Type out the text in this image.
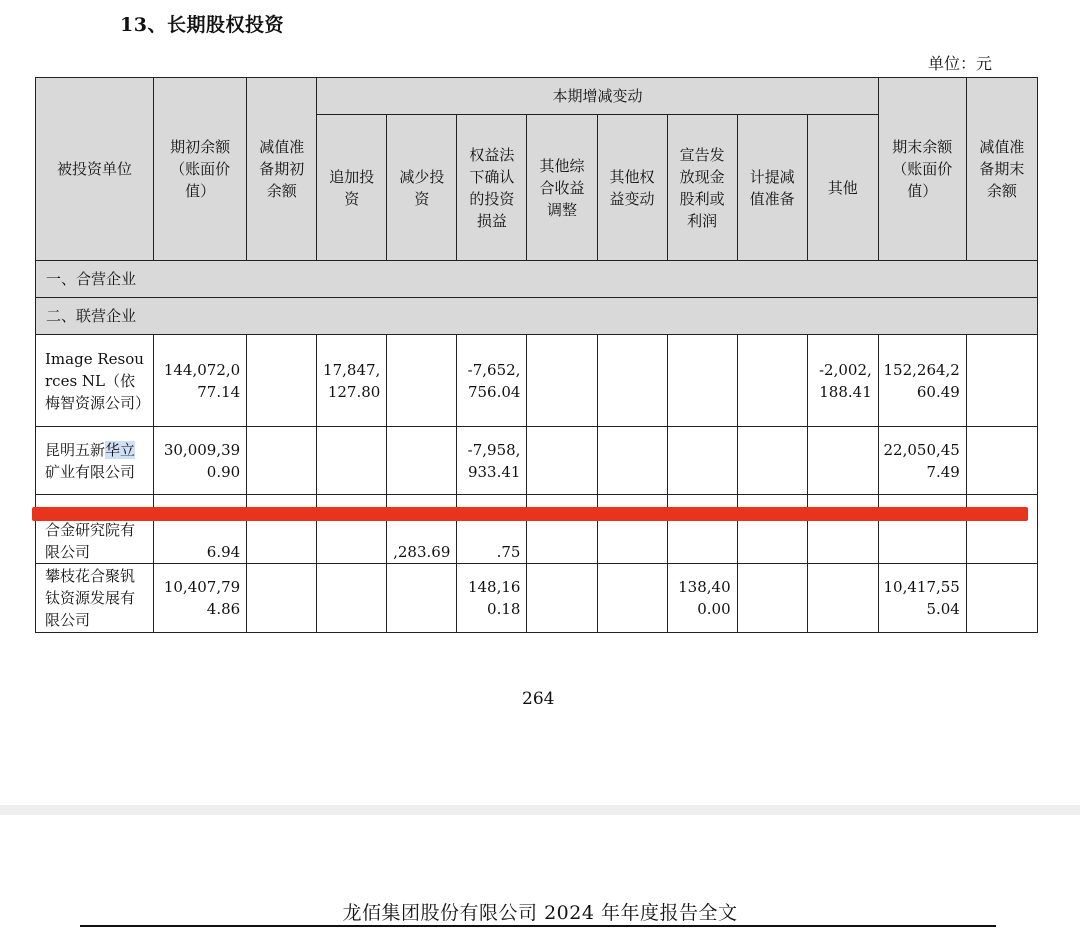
13、长期股权投资
单位：元
被投资单位	期初余额（账面价值）	减值准备期初余额	本期增减变动								期末余额（账面价值）	减值准备期末余额
			追加投资	减少投资	权益法下确认的投资损益	其他综合收益调整	其他权益变动	宣告发放现金股利或利润	计提减值准备	其他		
一、合营企业												
二、联营企业												
Image Resources NL（依梅智资源公司）	144,072,077.14		17,847,127.80		-7,652,756.04					-2,002,188.41	152,264,260.49	
昆明五新华立矿业有限公司	30,009,390.90				-7,958,933.41						22,050,457.49	
合金研究院有限公司	6.94			,283.69	.75							
攀枝花合聚钒钛资源发展有限公司	10,407,794.86				148,160.18			138,400.00			10,417,555.04	
264
龙佰集团股份有限公司 2024 年年度报告全文
